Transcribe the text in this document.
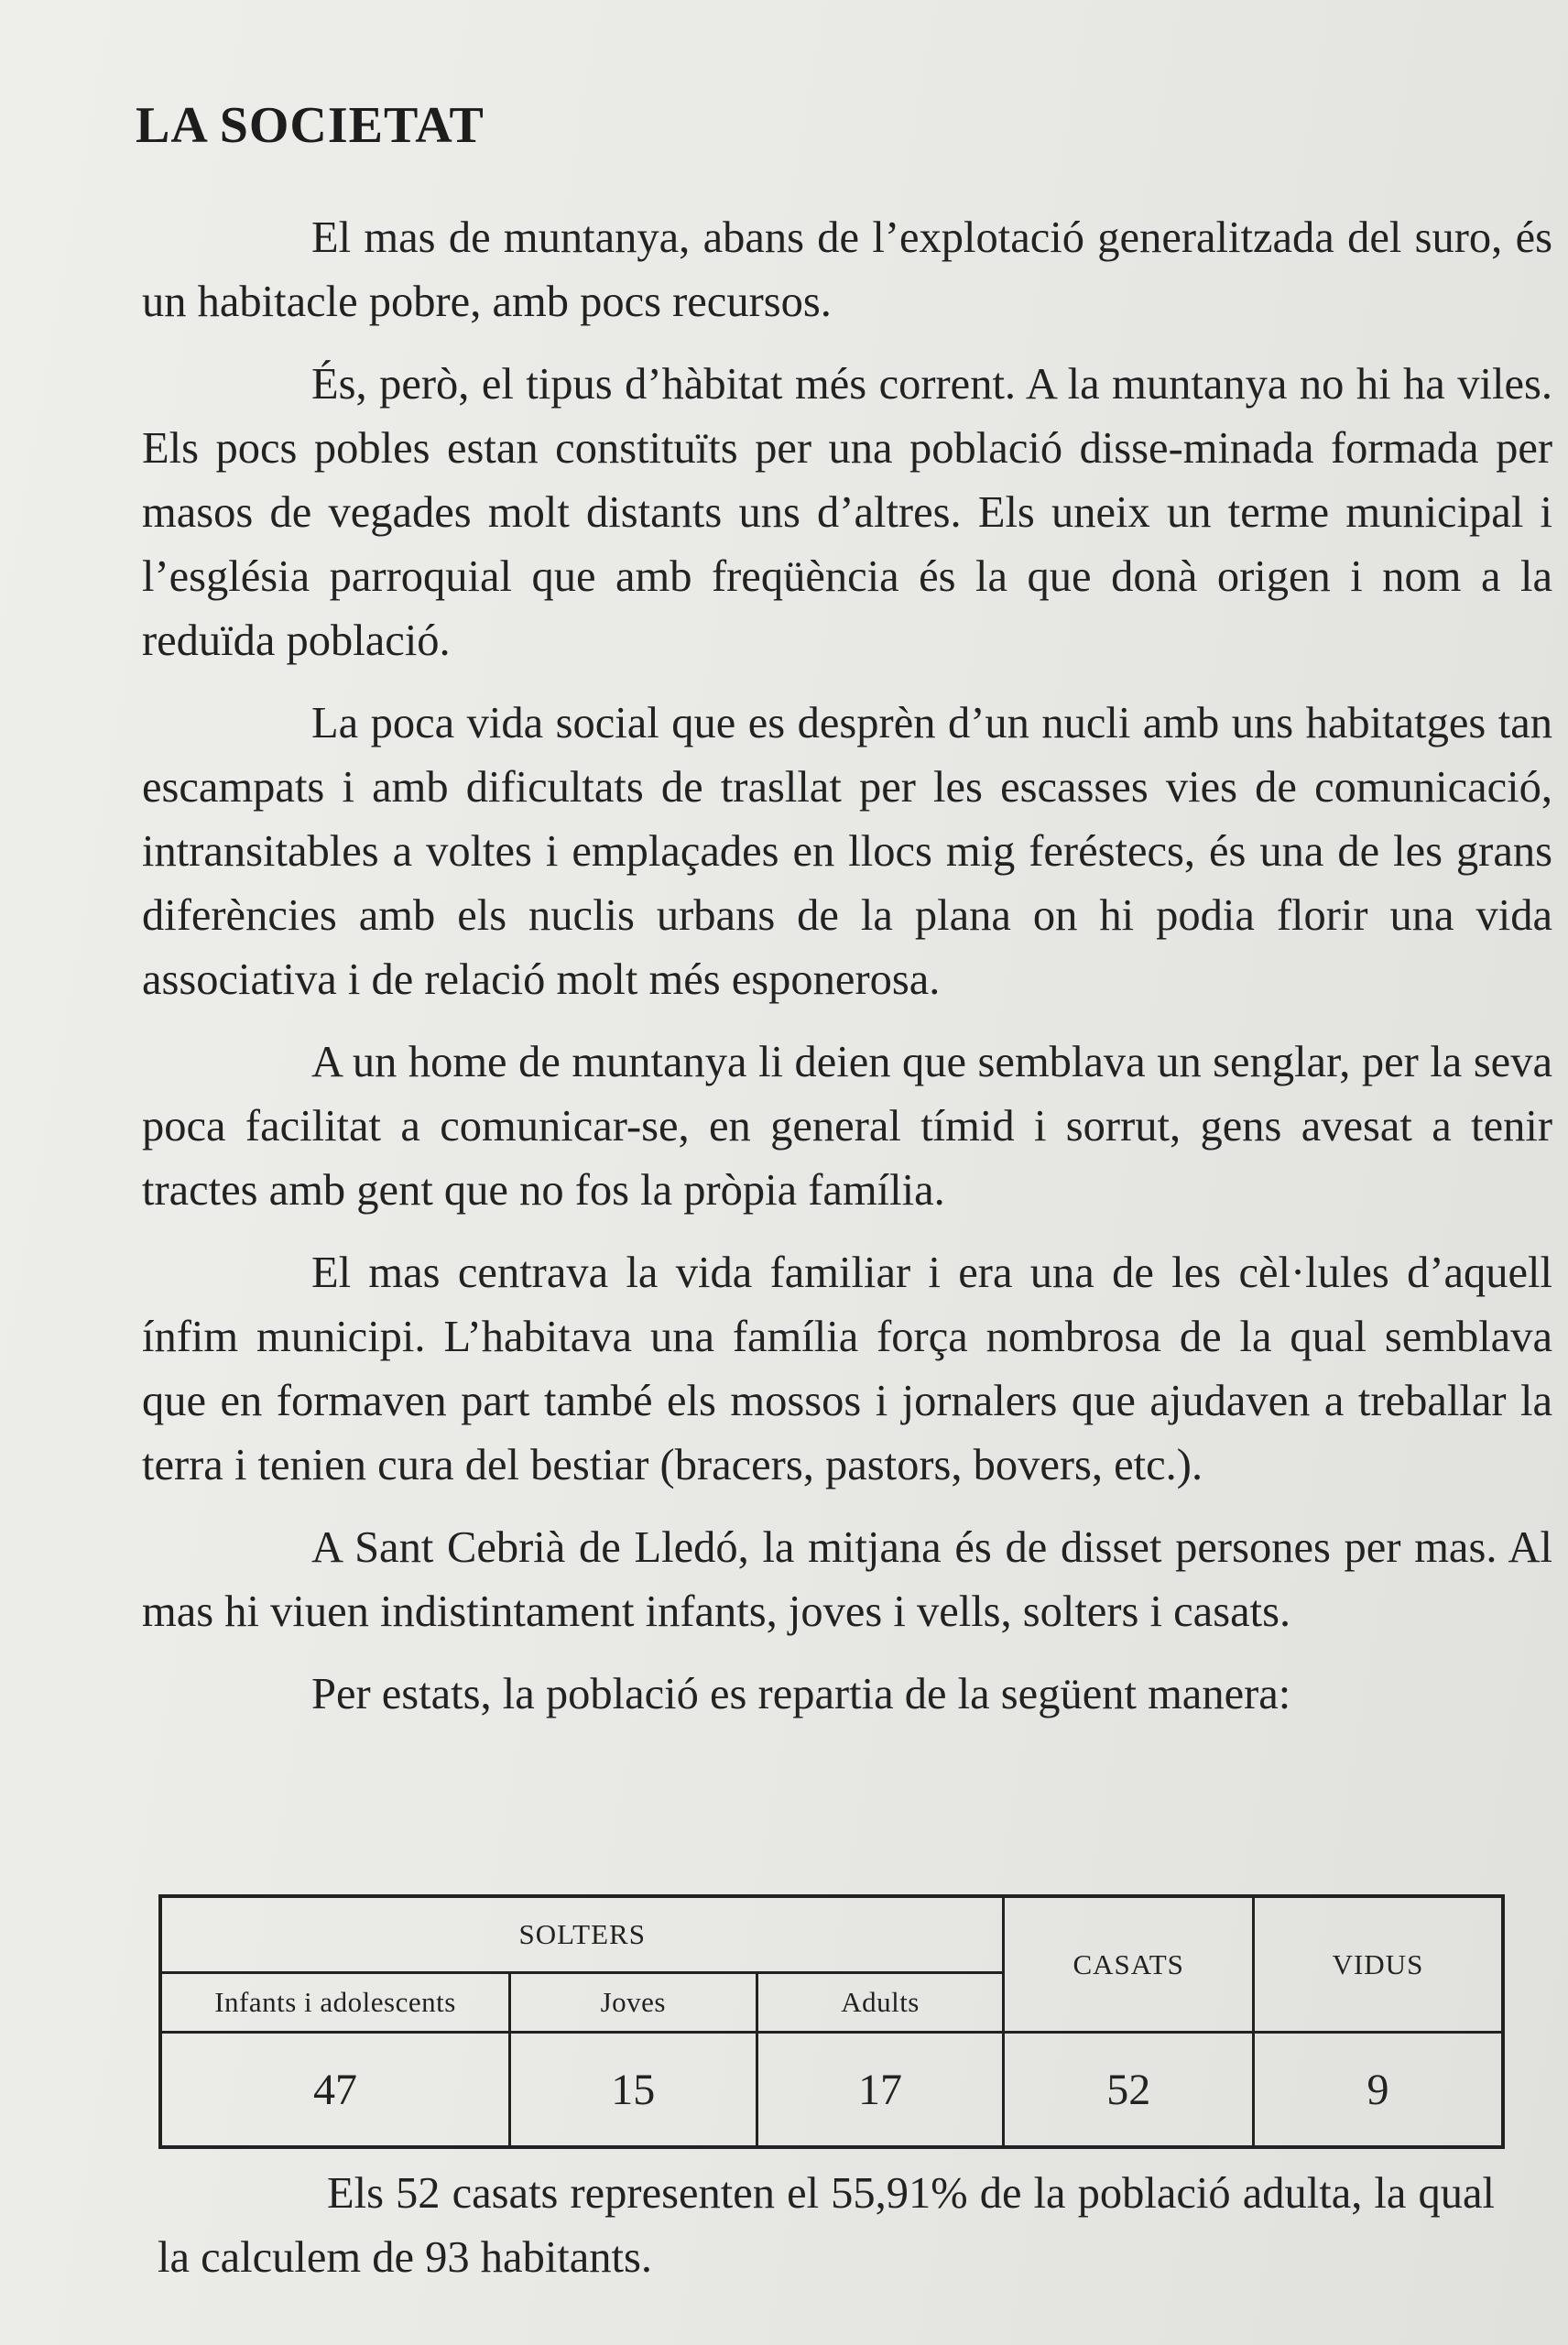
LA SOCIETAT

El mas de muntanya, abans de l’explotació generalitzada del suro, és un habitacle pobre, amb pocs recursos.

És, però, el tipus d’hàbitat més corrent. A la muntanya no hi ha viles. Els pocs pobles estan constituïts per una població disse-minada formada per masos de vegades molt distants uns d’altres. Els uneix un terme municipal i l’església parroquial que amb freqüència és la que donà origen i nom a la reduïda població.

La poca vida social que es desprèn d’un nucli amb uns habitatges tan escampats i amb dificultats de trasllat per les escasses vies de comunicació, intransitables a voltes i emplaçades en llocs mig feréstecs, és una de les grans diferències amb els nuclis urbans de la plana on hi podia florir una vida associativa i de relació molt més esponerosa.

A un home de muntanya li deien que semblava un senglar, per la seva poca facilitat a comunicar-se, en general tímid i sorrut, gens avesat a tenir tractes amb gent que no fos la pròpia família.

El mas centrava la vida familiar i era una de les cèl·lules d’aquell ínfim municipi. L’habitava una família força nombrosa de la qual semblava que en formaven part també els mossos i jornalers que ajudaven a treballar la terra i tenien cura del bestiar (bracers, pastors, bovers, etc.).

A Sant Cebrià de Lledó, la mitjana és de disset persones per mas. Al mas hi viuen indistintament infants, joves i vells, solters i casats.

Per estats, la població es repartia de la següent manera:

SOLTERS			CASATS	VIDUS
Infants i adolescents	Joves	Adults		
47	15	17	52	9

Els 52 casats representen el 55,91% de la població adulta, la qual la calculem de 93 habitants.
